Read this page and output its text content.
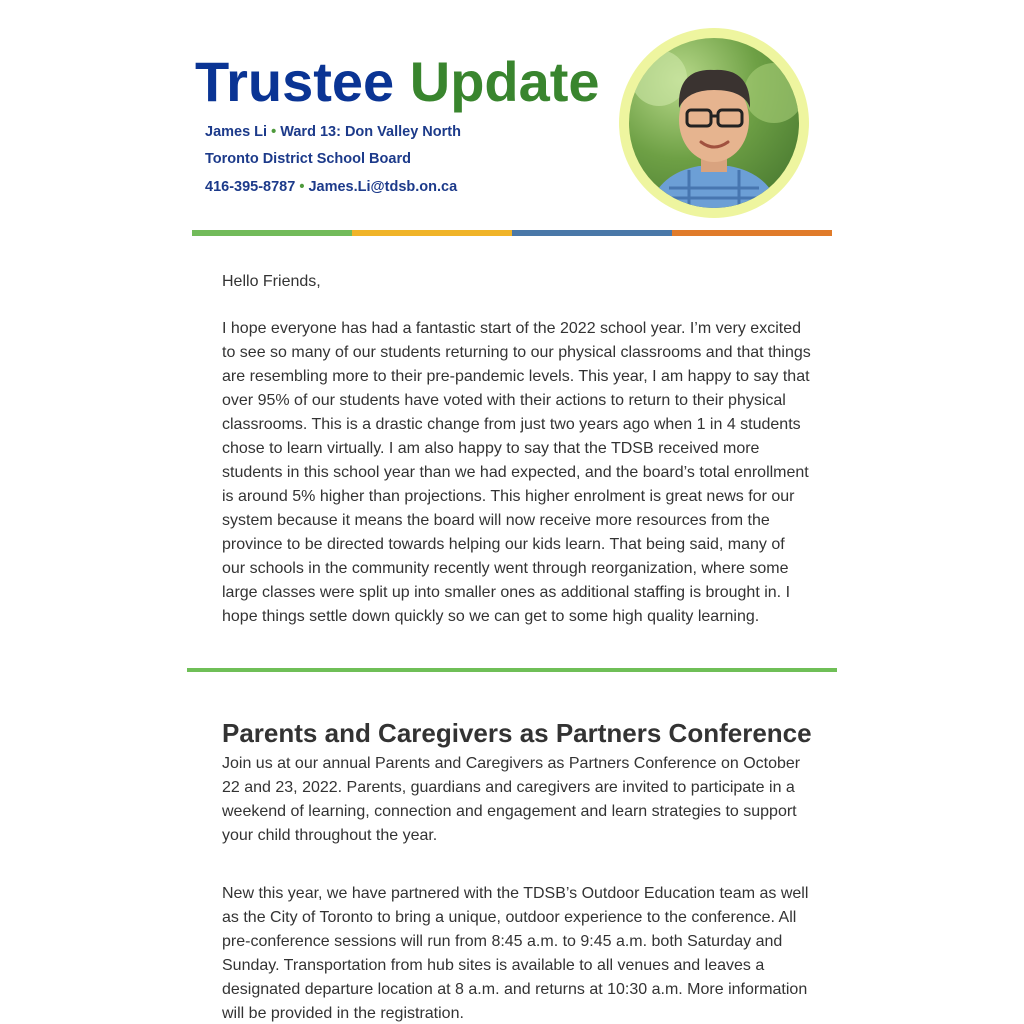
Trustee Update
James Li • Ward 13: Don Valley North
Toronto District School Board
416-395-8787 • James.Li@tdsb.on.ca

Hello Friends,

I hope everyone has had a fantastic start of the 2022 school year. I’m very excited to see so many of our students returning to our physical classrooms and that things are resembling more to their pre-pandemic levels. This year, I am happy to say that over 95% of our students have voted with their actions to return to their physical classrooms. This is a drastic change from just two years ago when 1 in 4 students chose to learn virtually. I am also happy to say that the TDSB received more students in this school year than we had expected, and the board’s total enrollment is around 5% higher than projections. This higher enrolment is great news for our system because it means the board will now receive more resources from the province to be directed towards helping our kids learn. That being said, many of our schools in the community recently went through reorganization, where some large classes were split up into smaller ones as additional staffing is brought in. I hope things settle down quickly so we can get to some high quality learning.

Parents and Caregivers as Partners Conference

Join us at our annual Parents and Caregivers as Partners Conference on October 22 and 23, 2022. Parents, guardians and caregivers are invited to participate in a weekend of learning, connection and engagement and learn strategies to support your child throughout the year.

New this year, we have partnered with the TDSB’s Outdoor Education team as well as the City of Toronto to bring a unique, outdoor experience to the conference. All pre-conference sessions will run from 8:45 a.m. to 9:45 a.m. both Saturday and Sunday. Transportation from hub sites is available to all venues and leaves a designated departure location at 8 a.m. and returns at 10:30 a.m. More information will be provided in the registration.
